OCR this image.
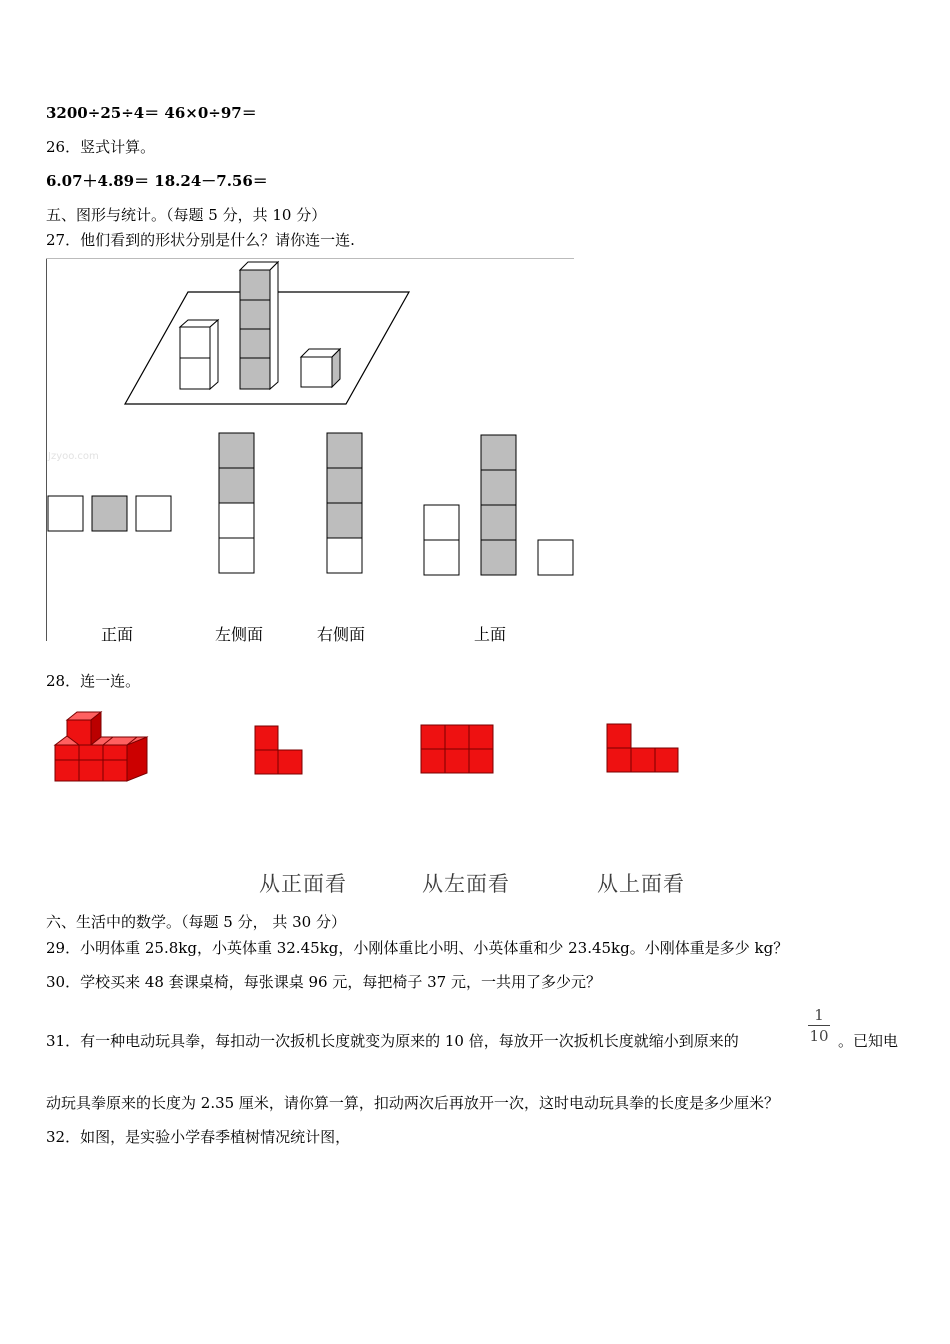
3200÷25÷4＝ 46×0÷97＝
26．竖式计算。
6.07＋4.89＝ 18.24－7.56＝
五、图形与统计。（每题 5 分，共 10 分）
27．他们看到的形状分别是什么？请你连一连.
Jzyoo.com
正面	左侧面	右侧面	上面
28．连一连。
从正面看	从左面看	从上面看
六、生活中的数学。（每题 5 分， 共 30 分）
29．小明体重 25.8kg，小英体重 32.45kg，小刚体重比小明、小英体重和少 23.45kg。小刚体重是多少 kg？
30．学校买来 48 套课桌椅，每张课桌 96 元，每把椅子 37 元，一共用了多少元？
31．有一种电动玩具拳，每扣动一次扳机长度就变为原来的 10 倍，每放开一次扳机长度就缩小到原来的
1
10 。已知电
动玩具拳原来的长度为 2.35 厘米，请你算一算，扣动两次后再放开一次，这时电动玩具拳的长度是多少厘米？
32．如图，是实验小学春季植树情况统计图，
